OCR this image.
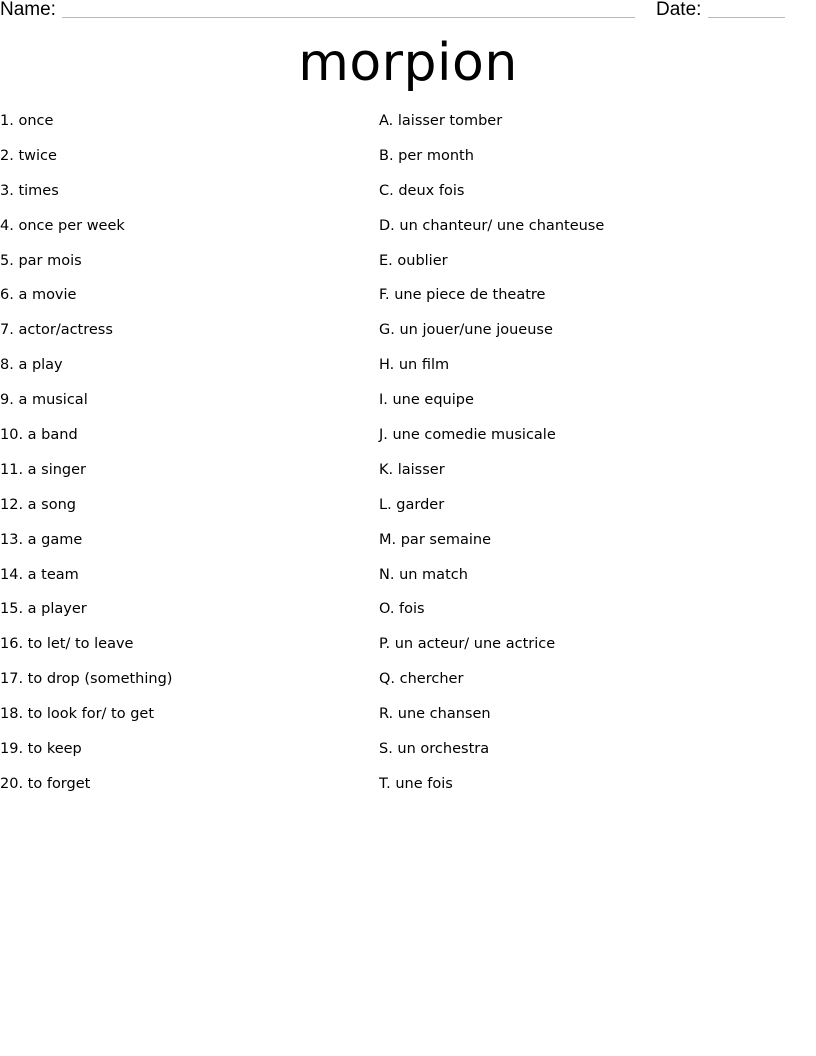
Name:	Date:
morpion
1. once
2. twice
3. times
4. once per week
5. par mois
6. a movie
7. actor/actress
8. a play
9. a musical
10. a band
11. a singer
12. a song
13. a game
14. a team
15. a player
16. to let/ to leave
17. to drop (something)
18. to look for/ to get
19. to keep
20. to forget
A. laisser tomber
B. per month
C. deux fois
D. un chanteur/ une chanteuse
E. oublier
F. une piece de theatre
G. un jouer/une joueuse
H. un film
I. une equipe
J. une comedie musicale
K. laisser
L. garder
M. par semaine
N. un match
O. fois
P. un acteur/ une actrice
Q. chercher
R. une chansen
S. un orchestra
T. une fois
